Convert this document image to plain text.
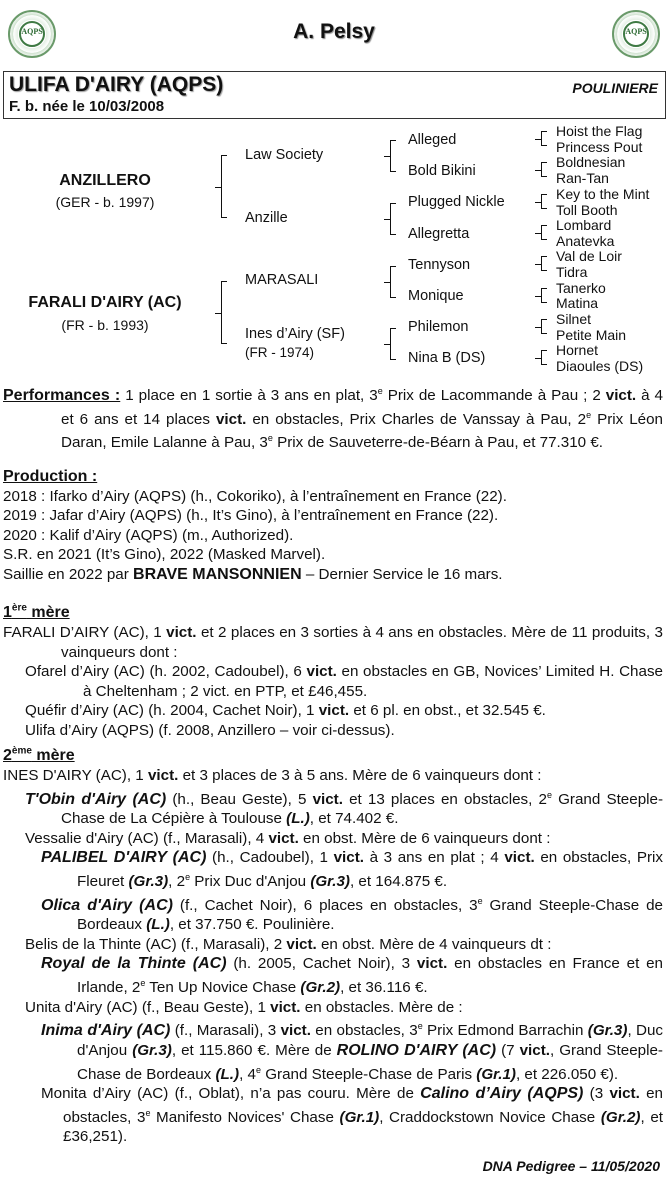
AQPS	AQPS
A. Pelsy
ULIFA D'AIRY (AQPS)
F. b. née le 10/03/2008
POULINIERE
ANZILLERO
(GER - b. 1997)
FARALI D'AIRY (AC)
(FR - b. 1993)
Law Society
Anzille
MARASALI
Ines d’Airy (SF)
(FR - 1974)
Alleged
Bold Bikini
Plugged Nickle
Allegretta
Tennyson
Monique
Philemon
Nina B (DS)
Hoist the Flag
Princess Pout
Boldnesian
Ran-Tan
Key to the Mint
Toll Booth
Lombard
Anatevka
Val de Loir
Tidra
Tanerko
Matina
Silnet
Petite Main
Hornet
Diaoules (DS)
Performances : 1 place en 1 sortie à 3 ans en plat, 3e Prix de Lacommande à Pau ; 2 vict. à 4 et 6 ans et 14 places vict. en obstacles, Prix Charles de Vanssay à Pau, 2e Prix Léon Daran, Emile Lalanne à Pau, 3e Prix de Sauveterre-de-Béarn à Pau, et 77.310 €.
Production :
2018 : Ifarko d’Airy (AQPS) (h., Cokoriko), à l’entraînement en France (22).
2019 : Jafar d’Airy (AQPS) (h., It’s Gino), à l’entraînement en France (22).
2020 : Kalif d’Airy (AQPS) (m., Authorized).
S.R. en 2021 (It’s Gino), 2022 (Masked Marvel).
Saillie en 2022 par BRAVE MANSONNIEN – Dernier Service le 16 mars.
1ère mère
FARALI D’AIRY (AC), 1 vict. et 2 places en 3 sorties à 4 ans en obstacles. Mère de 11 produits, 3 vainqueurs dont :
Ofarel d’Airy (AC) (h. 2002, Cadoubel), 6 vict. en obstacles en GB, Novices’ Limited H. Chase à Cheltenham ; 2 vict. en PTP, et £46,455.
Quéfir d’Airy (AC) (h. 2004, Cachet Noir), 1 vict. et 6 pl. en obst., et 32.545 €.
Ulifa d’Airy (AQPS) (f. 2008, Anzillero – voir ci-dessus).
2ème mère
INES D'AIRY (AC), 1 vict. et 3 places de 3 à 5 ans. Mère de 6 vainqueurs dont :
T'Obin d'Airy (AC) (h., Beau Geste), 5 vict. et 13 places en obstacles, 2e Grand Steeple-Chase de La Cépière à Toulouse (L.), et 74.402 €.
Vessalie d'Airy (AC) (f., Marasali), 4 vict. en obst. Mère de 6 vainqueurs dont :
PALIBEL D'AIRY (AC) (h., Cadoubel), 1 vict. à 3 ans en plat ; 4 vict. en obstacles, Prix Fleuret (Gr.3), 2e Prix Duc d'Anjou (Gr.3), et 164.875 €.
Olica d'Airy (AC) (f., Cachet Noir), 6 places en obstacles, 3e Grand Steeple-Chase de Bordeaux (L.), et 37.750 €. Poulinière.
Belis de la Thinte (AC) (f., Marasali), 2 vict. en obst. Mère de 4 vainqueurs dt :
Royal de la Thinte (AC) (h. 2005, Cachet Noir), 3 vict. en obstacles en France et en Irlande, 2e Ten Up Novice Chase (Gr.2), et 36.116 €.
Unita d'Airy (AC) (f., Beau Geste), 1 vict. en obstacles. Mère de :
Inima d'Airy (AC) (f., Marasali), 3 vict. en obstacles, 3e Prix Edmond Barrachin (Gr.3), Duc d'Anjou (Gr.3), et 115.860 €. Mère de ROLINO D'AIRY (AC) (7 vict., Grand Steeple-Chase de Bordeaux (L.), 4e Grand Steeple-Chase de Paris (Gr.1), et 226.050 €).
Monita d’Airy (AC) (f., Oblat), n’a pas couru. Mère de Calino d’Airy (AQPS) (3 vict. en obstacles, 3e Manifesto Novices' Chase (Gr.1), Craddockstown Novice Chase (Gr.2), et £36,251).
DNA Pedigree – 11/05/2020
